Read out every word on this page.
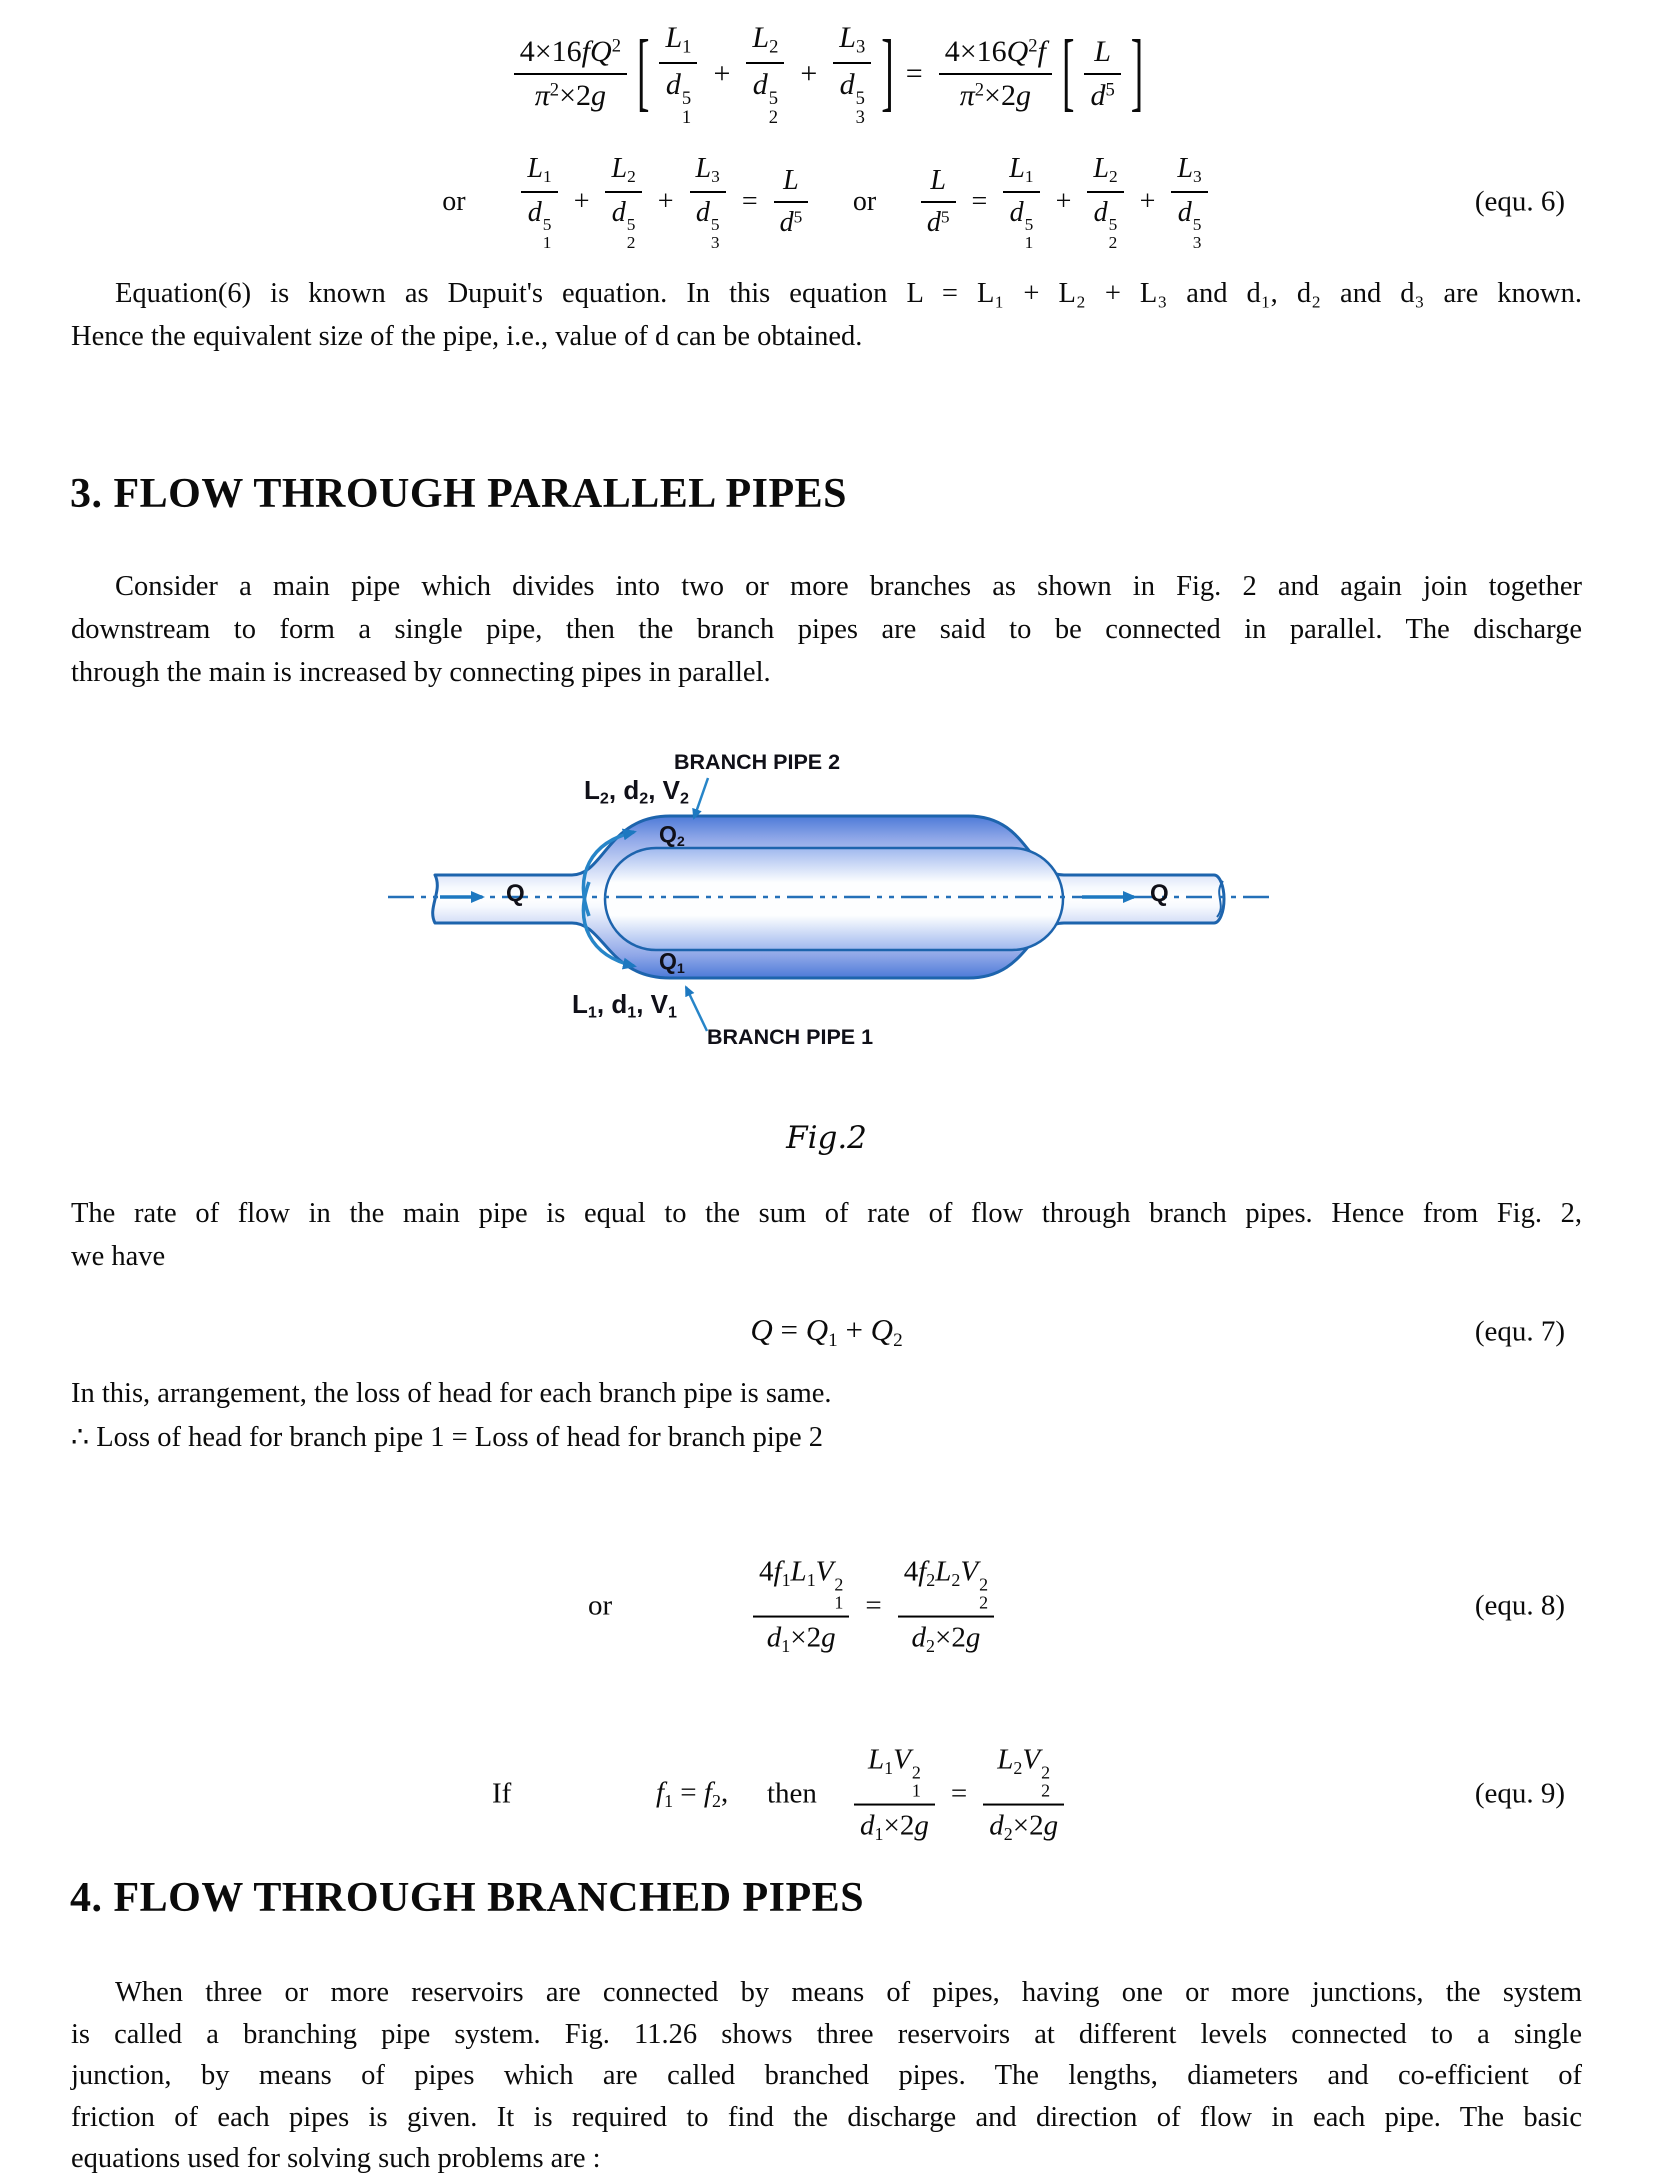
$4\times 16fQ^2$
$\pi^2\times 2g$ [ $L_1$
d 5
1
+ $L_2$
d 5
$2 + L_3$
d 5
3 ] = $\frac{4\times 16Q^2f}{\pi^2\times 2g}$ [ L
$d^5$ ]
or
$L_1$
d 5
1
+ $L_2$
d 5
$2 + L_3$
d 5
$3 = \frac{L}{d^5}$ or $\frac{L}{d^5} = L_1$
d 5
$1 + L_2$
d 5
$2 + L_3$
d 5
3	(equ. 6)
Equation(6) is known as Dupuit's equation. In this equation L = L₁ + L₂ + L₃ and d₁, d₂ and d₃ are known.
Hence the equivalent size of the pipe, i.e., value of d can be obtained.
3. FLOW THROUGH PARALLEL PIPES
Consider a main pipe which divides into two or more branches as shown in Fig. 2 and again join together
downstream to form a single pipe, then the branch pipes are said to be connected in parallel. The discharge
through the main is increased by connecting pipes in parallel.
BRANCH PIPE 2
$L_2$, $d_2$, $V_2$
$Q_2$
$Q_1$
$L_1$, $d_1$, $V_1$
BRANCH PIPE 1
Q	Q
Fig.2
The rate of flow in the main pipe is equal to the sum of rate of flow through branch pipes. Hence from Fig. 2,
we have
$Q = Q_1 + Q_2$	(equ. 7)
In this, arrangement, the loss of head for each branch pipe is same.
∴ Loss of head for branch pipe 1 = Loss of head for branch pipe 2
or	$4f_1L_1V$ 2
1
$d_1\times 2g = 4f_2L_2V$ 2
2
$d_2\times 2g$	(equ. 8)
If	$f_1 = f_2$, then $L_1V$ 2
1
$d_1\times 2g = L_2V$ 2
2
$d_2\times 2g$	(equ. 9)
4. FLOW THROUGH BRANCHED PIPES
When three or more reservoirs are connected by means of pipes, having one or more junctions, the system
is called a branching pipe system. Fig. 11.26 shows three reservoirs at different levels connected to a single
junction, by means of pipes which are called branched pipes. The lengths, diameters and co-efficient of
friction of each pipes is given. It is required to find the discharge and direction of flow in each pipe. The basic
equations used for solving such problems are :
